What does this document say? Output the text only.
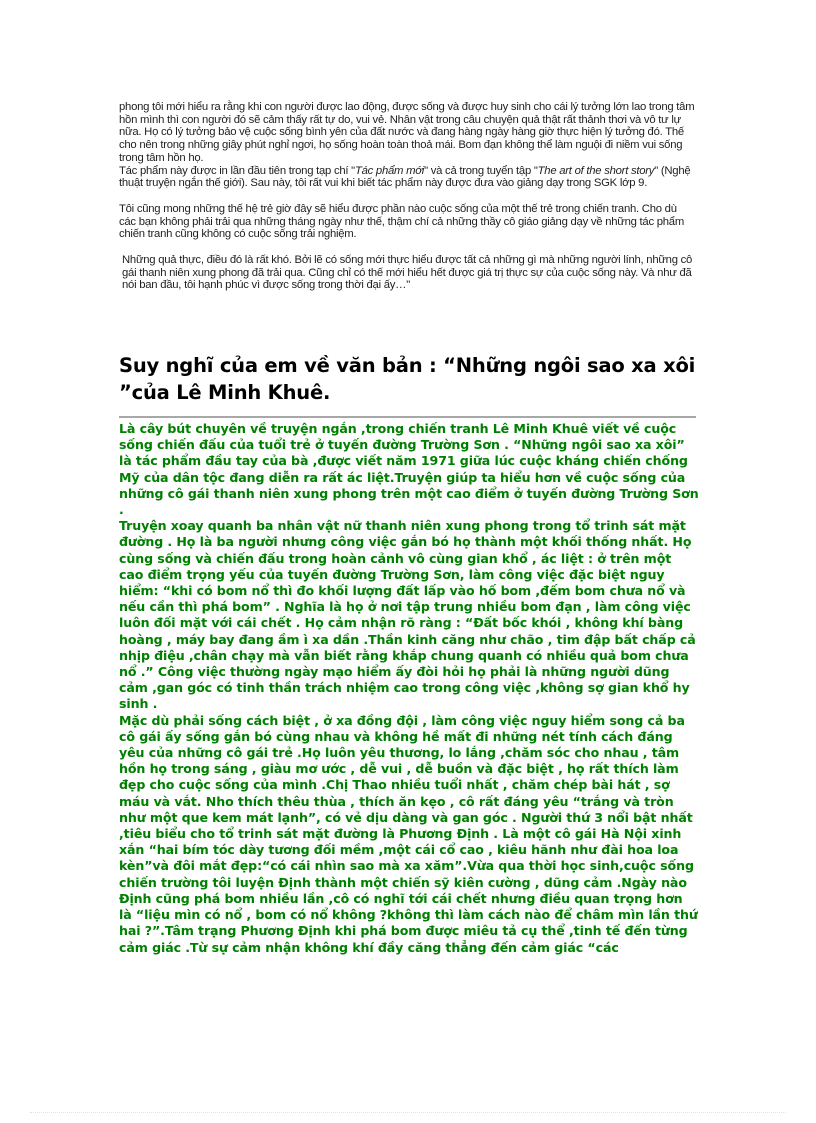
phong tôi mới hiểu ra rằng khi con người được lao động, được sống và được huy sinh cho cái lý tưởng lớn lao trong tâm hồn mình thì con người đó sẽ cảm thấy rất tự do, vui vẻ. Nhân vật trong câu chuyện quả thật rất thảnh thơi và vô tư lự nữa. Họ có lý tưởng bảo vệ cuộc sống bình yên của đất nước và đang hàng ngày hàng giờ thực hiện lý tưởng đó. Thế cho nên trong những giây phút nghỉ ngơi, họ sống hoàn toàn thoả mái. Bom đạn không thể làm nguội đi niềm vui sống trong tâm hồn họ.

Tác phẩm này được in lần đầu tiên trong tạp chí "Tác phẩm mới" và cả trong tuyển tập "The art of the short story" (Nghệ thuật truyện ngắn thế giới). Sau này, tôi rất vui khi biết tác phẩm này được đưa vào giảng dạy trong SGK lớp 9.

Tôi cũng mong những thế hệ trẻ giờ đây sẽ hiểu được phần nào cuộc sống của một thế trẻ trong chiến tranh. Cho dù các bạn không phải trải qua những tháng ngày như thế, thậm chí cả những thầy cô giáo giảng dạy về những tác phẩm chiến tranh cũng không có cuộc sống trải nghiệm.

Những quả thực, điều đó là rất khó. Bởi lẽ có sống mới thực hiểu được tất cả những gì mà những người lính, những cô gái thanh niên xung phong đã trải qua. Cũng chỉ có thế mới hiểu hết được giá trị thực sự của cuộc sống này. Và như đã nói ban đầu, tôi hạnh phúc vì được sống trong thời đại ấy…"

Suy nghĩ của em về văn bản : “Những ngôi sao xa xôi ”của Lê Minh Khuê.

Là cây bút chuyên về truyện ngắn ,trong chiến tranh Lê Minh Khuê viết về cuộc sống chiến đấu của tuổi trẻ ở tuyến đường Trường Sơn . “Những ngôi sao xa xôi” là tác phẩm đầu tay của bà ,được viết năm 1971 giữa lúc cuộc kháng chiến chống Mỹ của dân tộc đang diễn ra rất ác liệt.Truyện giúp ta hiểu hơn về cuộc sống của những cô gái thanh niên xung phong trên một cao điểm ở tuyến đường Trường Sơn .

Truyện xoay quanh ba nhân vật nữ thanh niên xung phong trong tổ trinh sát mặt đường . Họ là ba người nhưng công việc gắn bó họ thành một khối thống nhất. Họ cùng sống và chiến đấu trong hoàn cảnh vô cùng gian khổ , ác liệt : ở trên một cao điểm trọng yếu của tuyến đường Trường Sơn, làm công việc đặc biệt nguy hiểm: “khi có bom nổ thì đo khối lượng đất lấp vào hố bom ,đếm bom chưa nổ và nếu cần thì phá bom” . Nghĩa là họ ở nơi tập trung nhiều bom đạn , làm công việc luôn đối mặt với cái chết . Họ cảm nhận rõ ràng : “Đất bốc khói , không khí bàng hoàng , máy bay đang ầm ì xa dần .Thần kinh căng như chão , tim đập bất chấp cả nhịp điệu ,chân chạy mà vẫn biết rằng khắp chung quanh có nhiều quả bom chưa nổ .” Công việc thường ngày mạo hiểm ấy đòi hỏi họ phải là những người dũng cảm ,gan góc có tinh thần trách nhiệm cao trong công việc ,không sợ gian khổ hy sinh .

Mặc dù phải sống cách biệt , ở xa đồng đội , làm công việc nguy hiểm song cả ba cô gái ấy sống gắn bó cùng nhau và không hề mất đi những nét tính cách đáng yêu của những cô gái trẻ .Họ luôn yêu thương, lo lắng ,chăm sóc cho nhau , tâm hồn họ trong sáng , giàu mơ ước , dễ vui , dễ buồn và đặc biệt , họ rất thích làm đẹp cho cuộc sống của mình .Chị Thao nhiều tuổi nhất , chăm chép bài hát , sợ máu và vắt. Nho thích thêu thùa , thích ăn kẹo , cô rất đáng yêu “trắng và tròn như một que kem mát lạnh”, có vẻ dịu dàng và gan góc . Người thứ 3 nổi bật nhất ,tiêu biểu cho tổ trinh sát mặt đường là Phương Định . Là một cô gái Hà Nội xinh xắn “hai bím tóc dày tương đối mềm ,một cái cổ cao , kiêu hãnh như đài hoa loa kèn”và đôi mắt đẹp:“có cái nhìn sao mà xa xăm”.Vừa qua thời học sinh,cuộc sống chiến trường tôi luyện Định thành một chiến sỹ kiên cường , dũng cảm .Ngày nào Định cũng phá bom nhiều lần ,cô có nghĩ tới cái chết nhưng điều quan trọng hơn là “liệu mìn có nổ , bom có nổ không ?không thì làm cách nào để châm mìn lần thứ hai ?”.Tâm trạng Phương Định khi phá bom được miêu tả cụ thể ,tinh tế đến từng cảm giác .Từ sự cảm nhận không khí đầy căng thẳng đến cảm giác “các
